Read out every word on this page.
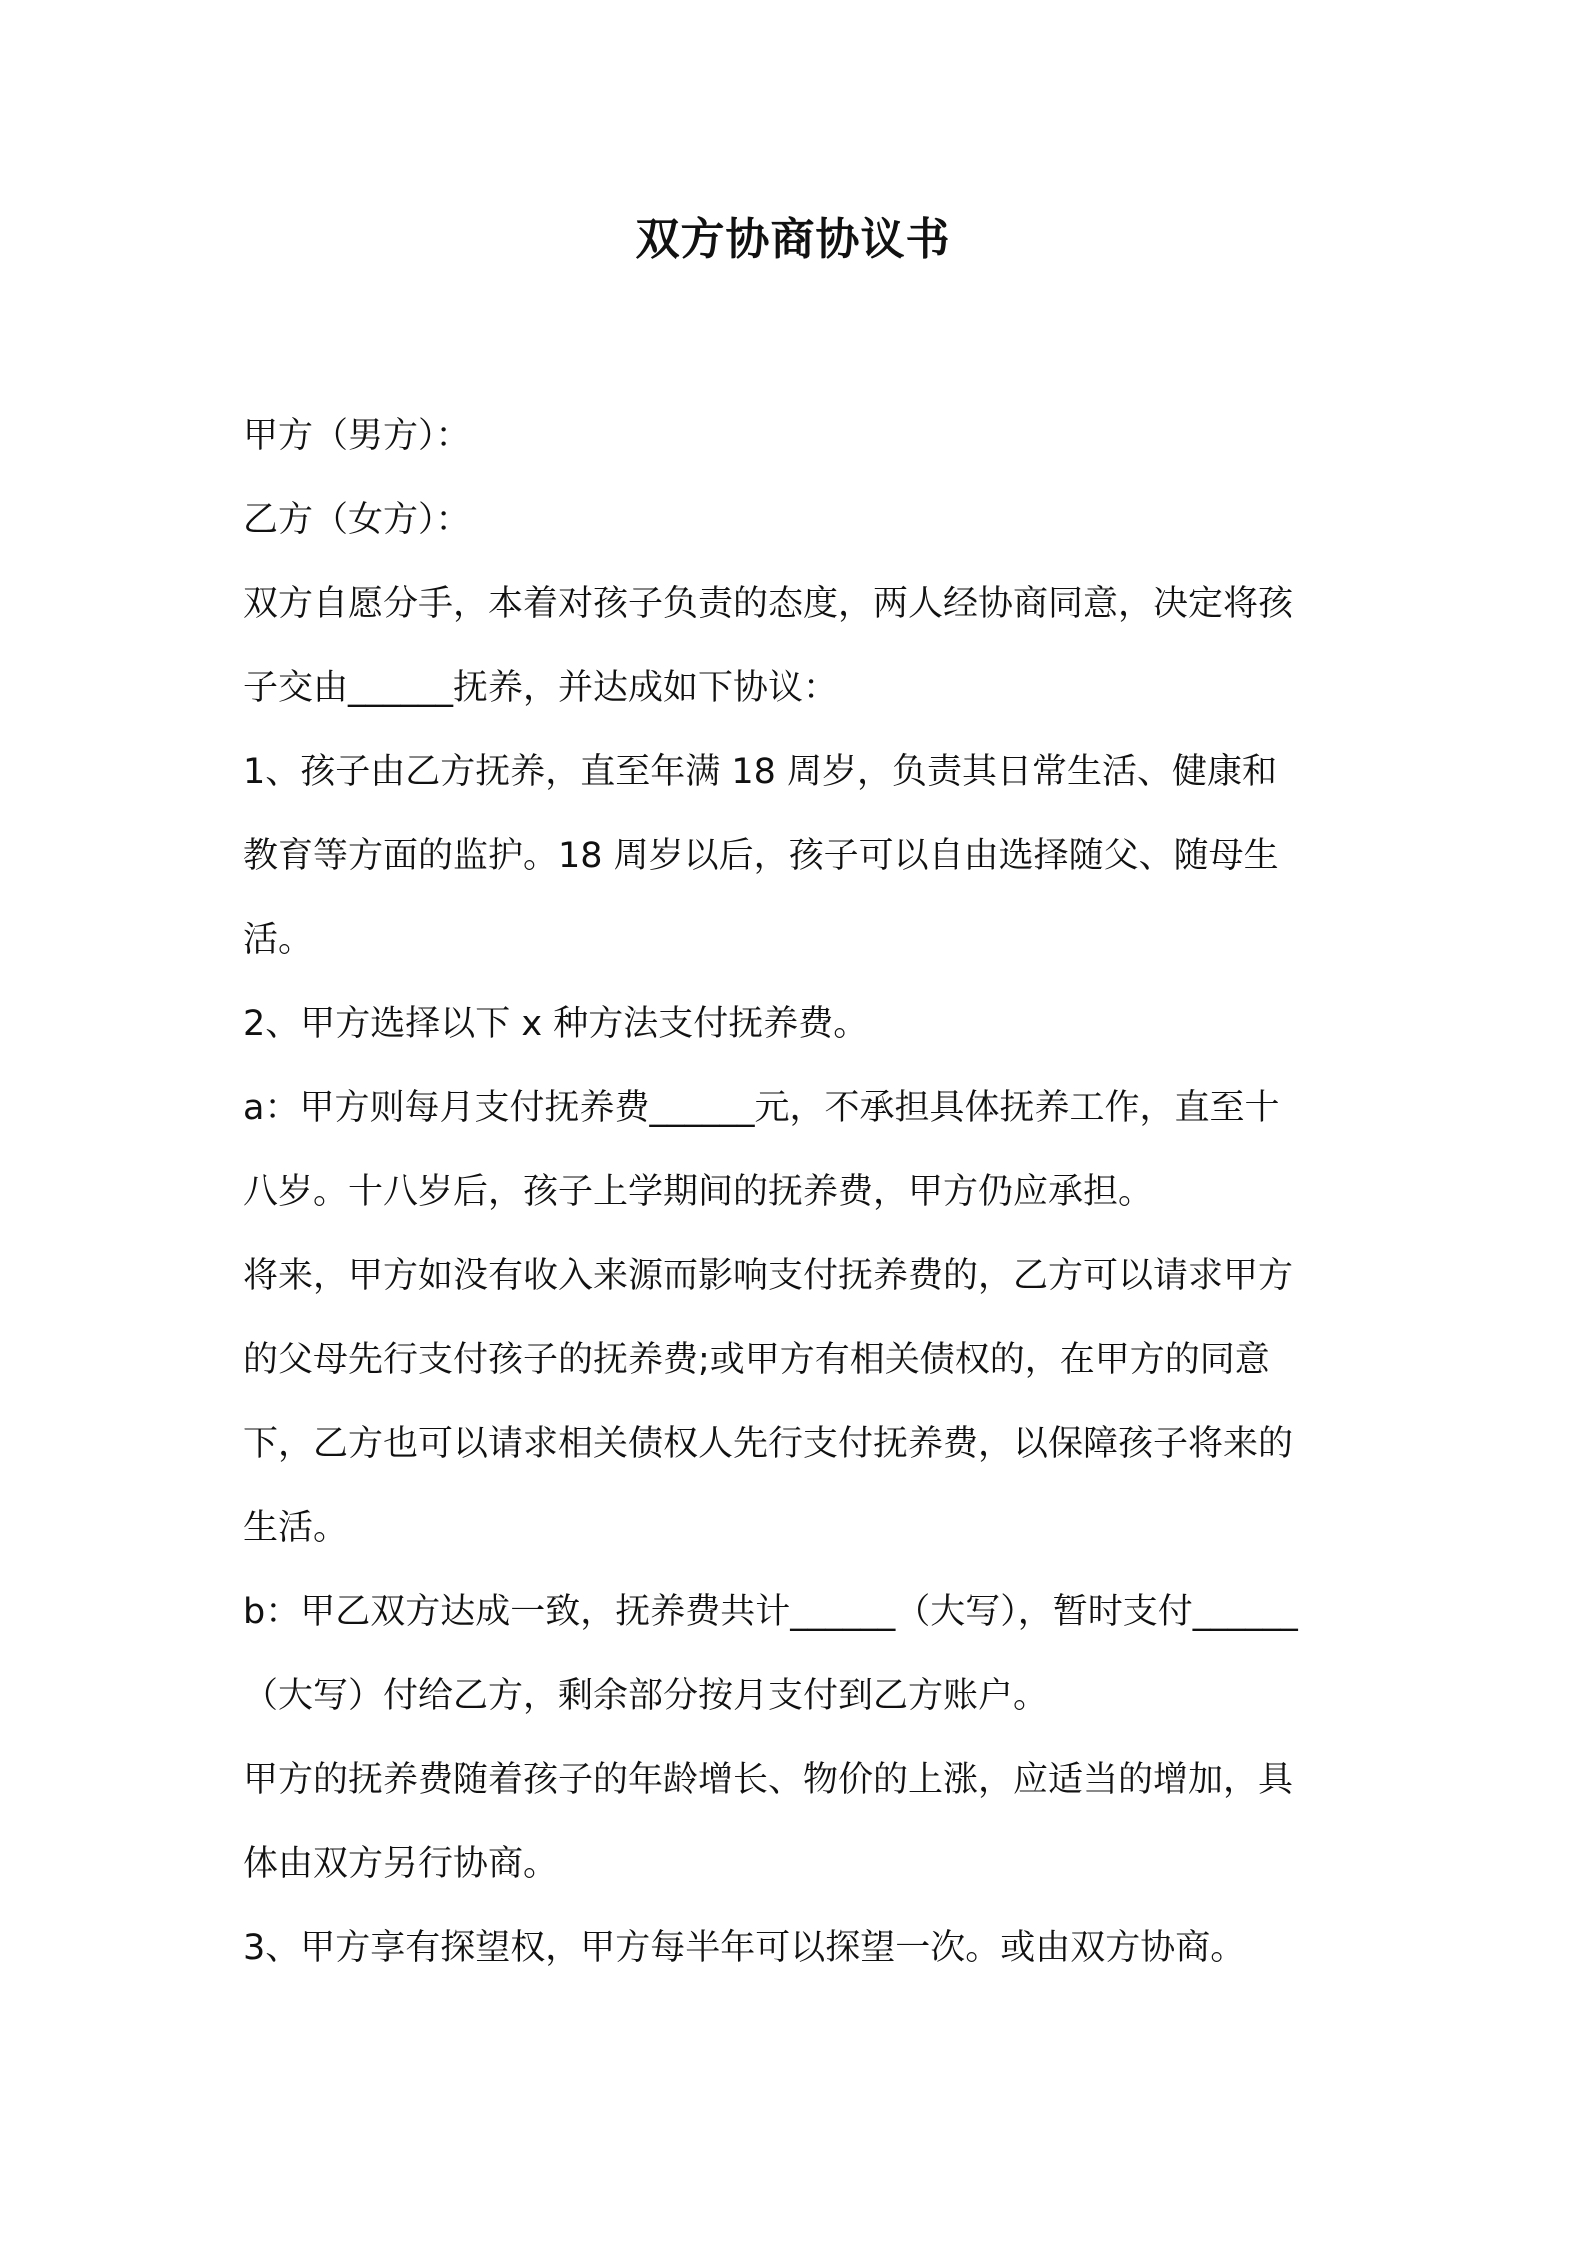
双方协商协议书
甲方（男方）：
乙方（女方）：
双方自愿分手，本着对孩子负责的态度，两人经协商同意，决定将孩
子交由______抚养，并达成如下协议：
1、孩子由乙方抚养，直至年满 18 周岁，负责其日常生活、健康和
教育等方面的监护。18 周岁以后，孩子可以自由选择随父、随母生
活。
2、甲方选择以下 x 种方法支付抚养费。
a：甲方则每月支付抚养费______元，不承担具体抚养工作，直至十
八岁。十八岁后，孩子上学期间的抚养费，甲方仍应承担。
将来，甲方如没有收入来源而影响支付抚养费的，乙方可以请求甲方
的父母先行支付孩子的抚养费;或甲方有相关债权的，在甲方的同意
下，乙方也可以请求相关债权人先行支付抚养费，以保障孩子将来的
生活。
b：甲乙双方达成一致，抚养费共计______（大写），暂时支付______
（大写）付给乙方，剩余部分按月支付到乙方账户。
甲方的抚养费随着孩子的年龄增长、物价的上涨，应适当的增加，具
体由双方另行协商。
3、甲方享有探望权，甲方每半年可以探望一次。或由双方协商。
